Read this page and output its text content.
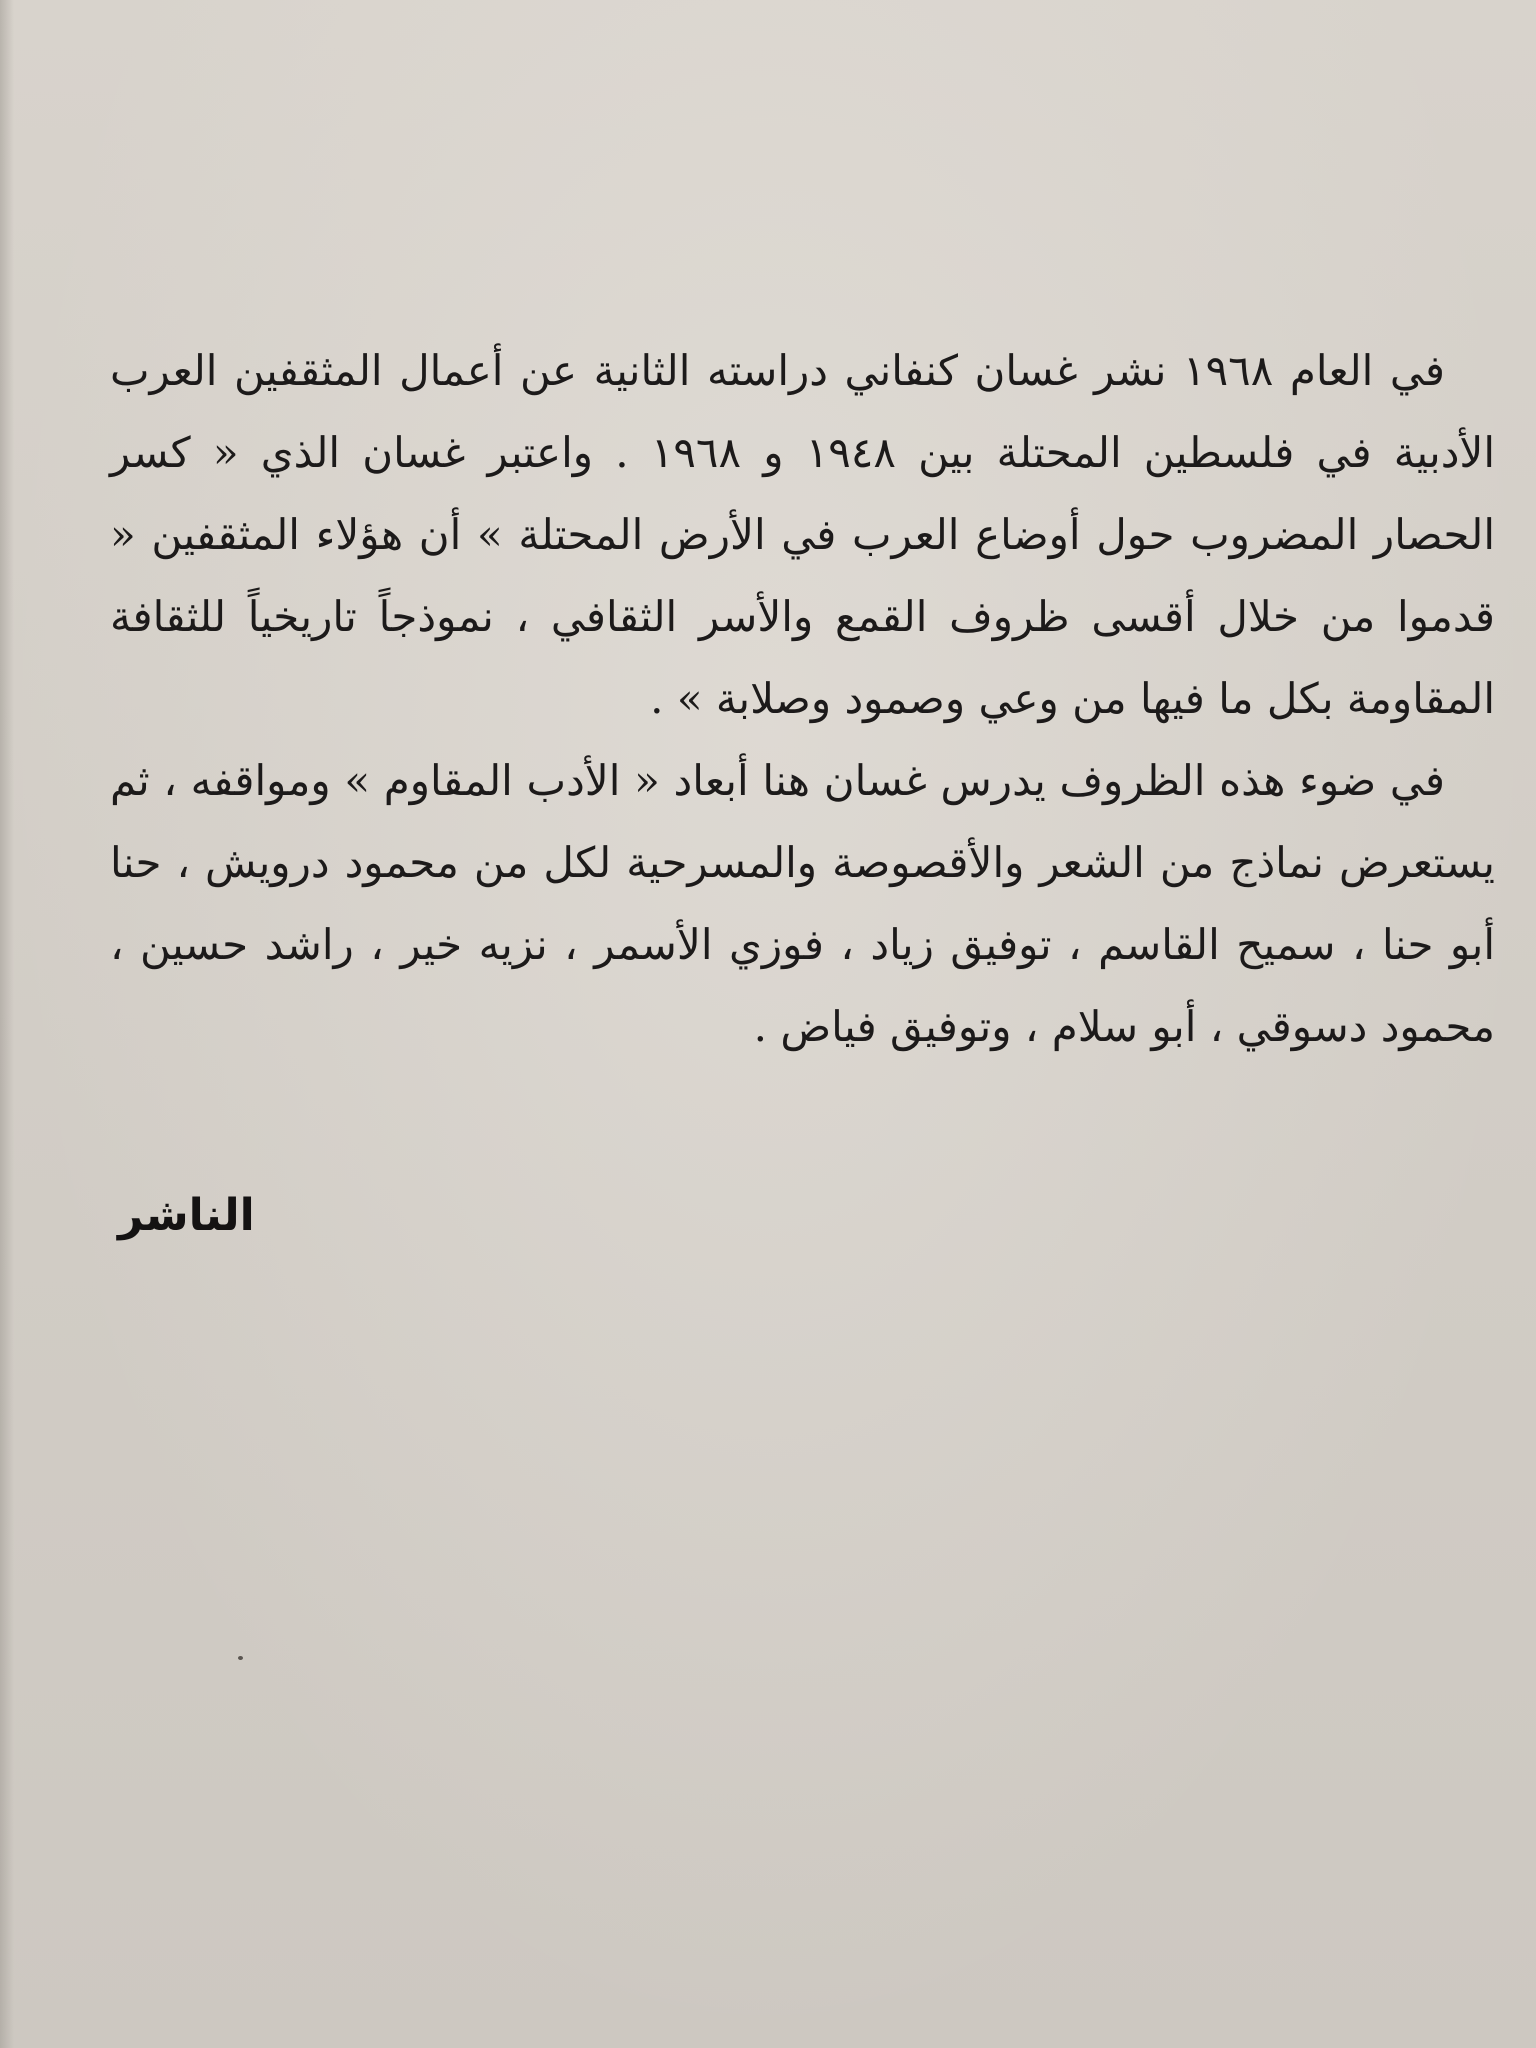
في العام ١٩٦٨ نشر غسان كنفاني دراسته الثانية عن أعمال المثقفين العرب الأدبية في فلسطين المحتلة بين ١٩٤٨ و ١٩٦٨ . واعتبر غسان الذي « كسر الحصار المضروب حول أوضاع العرب في الأرض المحتلة » أن هؤلاء المثقفين « قدموا من خلال أقسى ظروف القمع والأسر الثقافي ، نموذجاً تاريخياً للثقافة المقاومة بكل ما فيها من وعي وصمود وصلابة » .

في ضوء هذه الظروف يدرس غسان هنا أبعاد « الأدب المقاوم » ومواقفه ، ثم يستعرض نماذج من الشعر والأقصوصة والمسرحية لكل من محمود درويش ، حنا أبو حنا ، سميح القاسم ، توفيق زياد ، فوزي الأسمر ، نزيه خير ، راشد حسين ، محمود دسوقي ، أبو سلام ، وتوفيق فياض .

الناشر
